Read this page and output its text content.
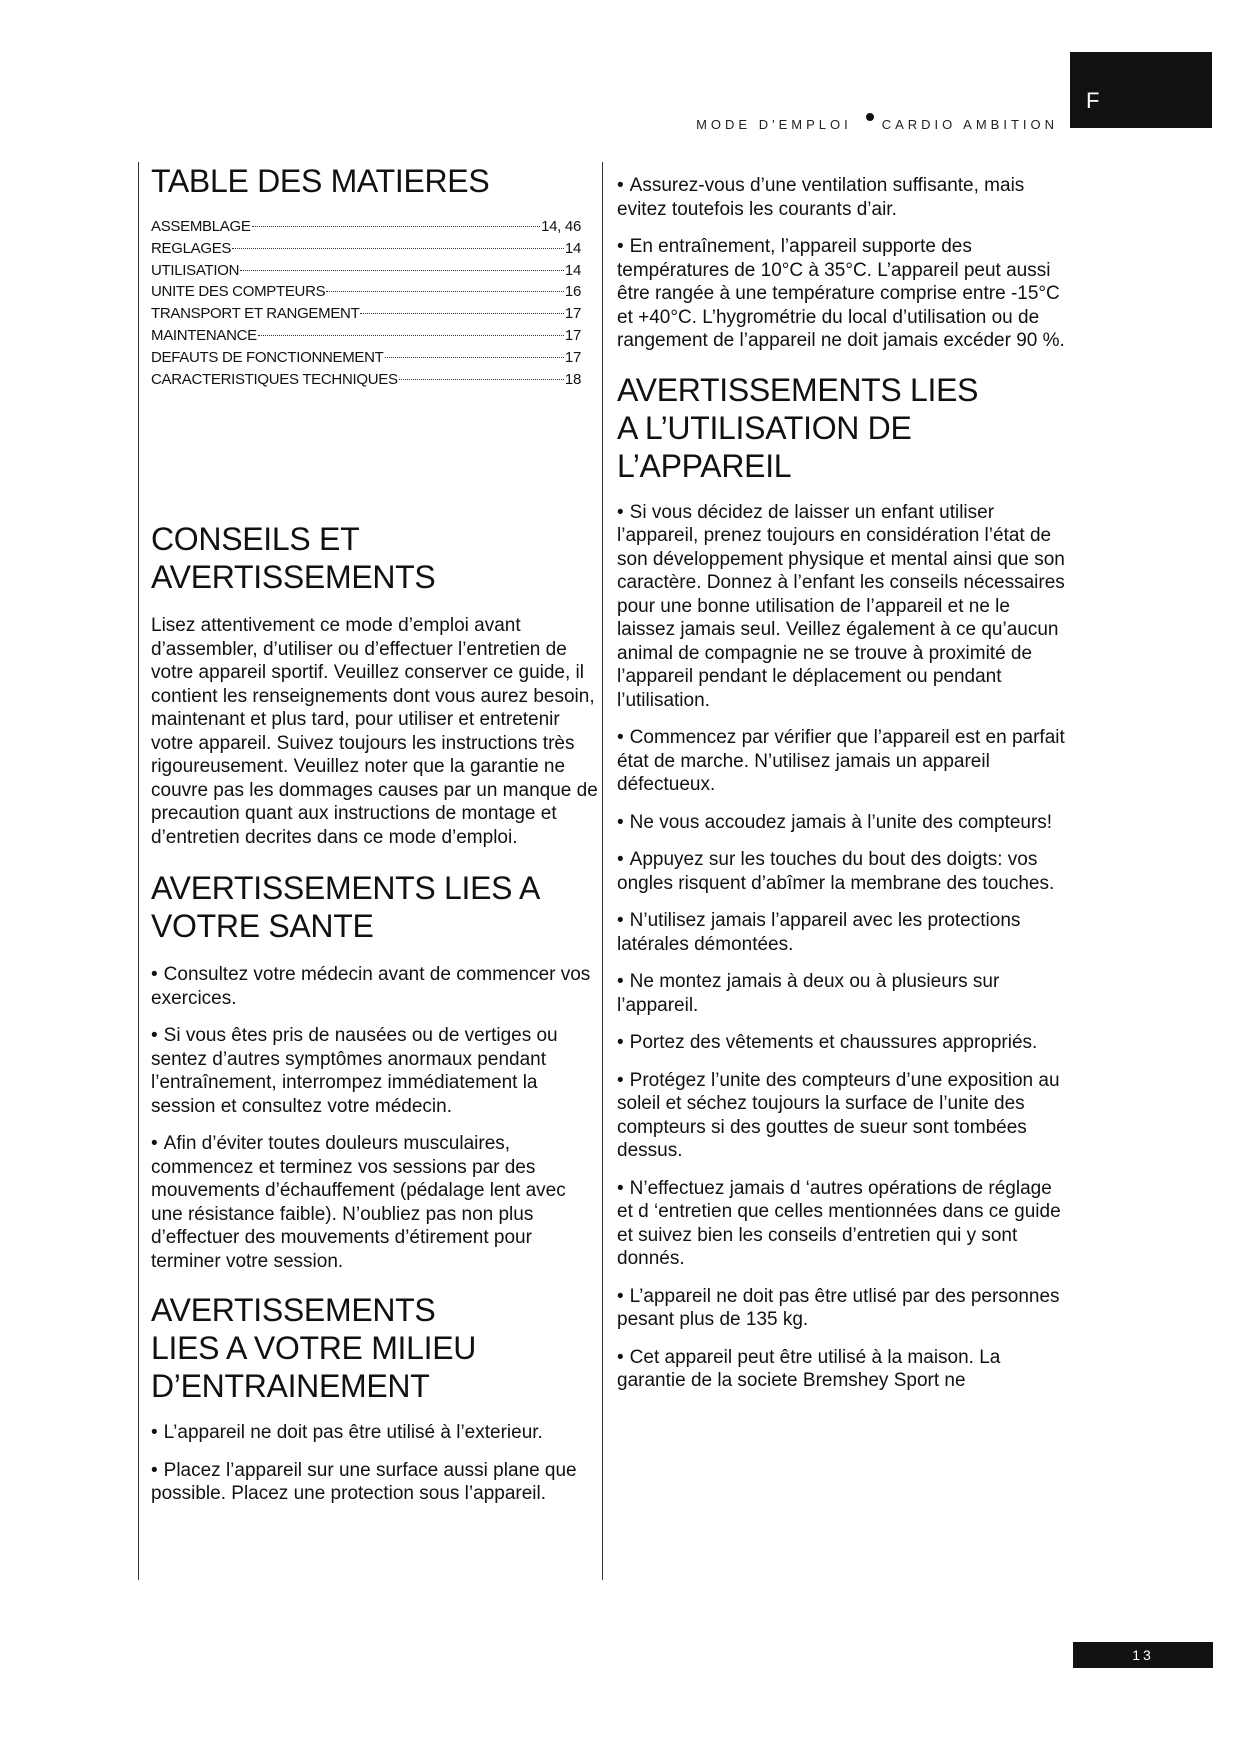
F
MODE D'EMPLOI CARDIO AMBITION
TABLE DES MATIERES
ASSEMBLAGE	14, 46
REGLAGES	14
UTILISATION	14
UNITE DES COMPTEURS	16
TRANSPORT ET RANGEMENT	17
MAINTENANCE	17
DEFAUTS DE FONCTIONNEMENT	17
CARACTERISTIQUES TECHNIQUES	18
CONSEILS ET
AVERTISSEMENTS

Lisez attentivement ce mode d’emploi avant d’assembler, d’utiliser ou d’effectuer l’entretien de votre appareil sportif. Veuillez conserver ce guide, il contient les renseignements dont vous aurez besoin, maintenant et plus tard, pour utiliser et entretenir votre appareil. Suivez toujours les instructions très rigoureusement. Veuillez noter que la garantie ne couvre pas les dommages causes par un manque de precaution quant aux instructions de montage et d’entretien decrites dans ce mode d’emploi.

AVERTISSEMENTS LIES A
VOTRE SANTE

• Consultez votre médecin avant de commencer vos exercices.

• Si vous êtes pris de nausées ou de vertiges ou sentez d’autres symptômes anormaux pendant l’entraînement, interrompez immédiatement la session et consultez votre médecin.

• Afin d’éviter toutes douleurs musculaires, commencez et terminez vos sessions par des mouvements d’échauffement (pédalage lent avec une résistance faible). N’oubliez pas non plus d’effectuer des mouvements d’étirement pour terminer votre session.

AVERTISSEMENTS
LIES A VOTRE MILIEU
D’ENTRAINEMENT

• L’appareil ne doit pas être utilisé à l’exterieur.

• Placez l’appareil sur une surface aussi plane que possible. Placez une protection sous l’appareil.

• Assurez-vous d’une ventilation suffisante, mais evitez toutefois les courants d’air.

• En entraînement, l’appareil supporte des températures de 10°C à 35°C. L’appareil peut aussi être rangée à une température comprise entre -15°C et +40°C. L’hygrométrie du local d’utilisation ou de rangement de l’appareil ne doit jamais excéder 90 %.

AVERTISSEMENTS LIES
A L’UTILISATION DE
L’APPAREIL

• Si vous décidez de laisser un enfant utiliser l’appareil, prenez toujours en considération l’état de son développement physique et mental ainsi que son caractère. Donnez à l’enfant les conseils nécessaires pour une bonne utilisation de l’appareil et ne le laissez jamais seul. Veillez également à ce qu’aucun animal de compagnie ne se trouve à proximité de l’appareil pendant le déplacement ou pendant l’utilisation.

• Commencez par vérifier que l’appareil est en parfait état de marche. N’utilisez jamais un appareil défectueux.

• Ne vous accoudez jamais à l’unite des compteurs!

• Appuyez sur les touches du bout des doigts: vos ongles risquent d’abîmer la membrane des touches.

• N’utilisez jamais l’appareil avec les protections latérales démontées.

• Ne montez jamais à deux ou à plusieurs sur l’appareil.

• Portez des vêtements et chaussures appropriés.

• Protégez l’unite des compteurs d’une exposition au soleil et séchez toujours la surface de l’unite des compteurs si des gouttes de sueur sont tombées dessus.

• N’effectuez jamais d ‘autres opérations de réglage et d ‘entretien que celles mentionnées dans ce guide et suivez bien les conseils d’entretien qui y sont donnés.

• L’appareil ne doit pas être utlisé par des personnes pesant plus de 135 kg.

• Cet appareil peut être utilisé à la maison. La garantie de la societe Bremshey Sport ne

13
